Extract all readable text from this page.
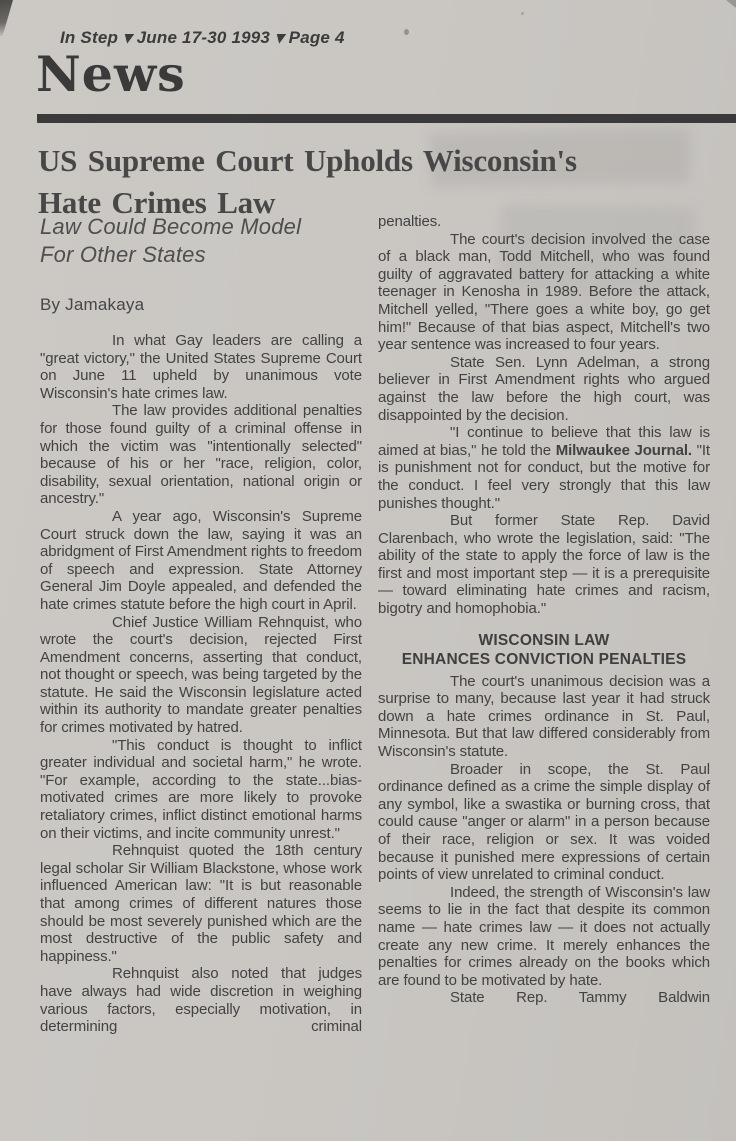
In Step ▾ June 17-30 1993 ▾ Page 4
News
US Supreme Court Upholds Wisconsin's
Hate Crimes Law
Law Could Become Model
For Other States
By Jamakaya

In what Gay leaders are calling a "great victory," the United States Supreme Court on June 11 upheld by unanimous vote Wisconsin's hate crimes law.

The law provides additional penalties for those found guilty of a criminal offense in which the victim was "intentionally selected" because of his or her "race, religion, color, disability, sexual orientation, national origin or ancestry."

A year ago, Wisconsin's Supreme Court struck down the law, saying it was an abridgment of First Amendment rights to freedom of speech and expression. State Attorney General Jim Doyle appealed, and defended the hate crimes statute before the high court in April.

Chief Justice William Rehnquist, who wrote the court's decision, rejected First Amendment concerns, asserting that conduct, not thought or speech, was being targeted by the statute. He said the Wisconsin legislature acted within its authority to mandate greater penalties for crimes motivated by hatred.

"This conduct is thought to inflict greater individual and societal harm," he wrote. "For example, according to the state...bias-motivated crimes are more likely to provoke retaliatory crimes, inflict distinct emotional harms on their victims, and incite community unrest."

Rehnquist quoted the 18th century legal scholar Sir William Blackstone, whose work influenced American law: "It is but reasonable that among crimes of different natures those should be most severely punished which are the most destructive of the public safety and happiness."

Rehnquist also noted that judges have always had wide discretion in weighing various factors, especially motivation, in determining criminal

penalties.

The court's decision involved the case of a black man, Todd Mitchell, who was found guilty of aggravated battery for attacking a white teenager in Kenosha in 1989. Before the attack, Mitchell yelled, "There goes a white boy, go get him!" Because of that bias aspect, Mitchell's two year sentence was increased to four years.

State Sen. Lynn Adelman, a strong believer in First Amendment rights who argued against the law before the high court, was disappointed by the decision.

"I continue to believe that this law is aimed at bias," he told the Milwaukee Journal. "It is punishment not for conduct, but the motive for the conduct. I feel very strongly that this law punishes thought."

But former State Rep. David Clarenbach, who wrote the legislation, said: "The ability of the state to apply the force of law is the first and most important step — it is a prerequisite — toward eliminating hate crimes and racism, bigotry and homophobia."

WISCONSIN LAW
ENHANCES CONVICTION PENALTIES

The court's unanimous decision was a surprise to many, because last year it had struck down a hate crimes ordinance in St. Paul, Minnesota. But that law differed considerably from Wisconsin's statute.

Broader in scope, the St. Paul ordinance defined as a crime the simple display of any symbol, like a swastika or burning cross, that could cause "anger or alarm" in a person because of their race, religion or sex. It was voided because it punished mere expressions of certain points of view unrelated to criminal conduct.

Indeed, the strength of Wisconsin's law seems to lie in the fact that despite its common name — hate crimes law — it does not actually create any new crime. It merely enhances the penalties for crimes already on the books which are found to be motivated by hate.

State Rep. Tammy Baldwin
